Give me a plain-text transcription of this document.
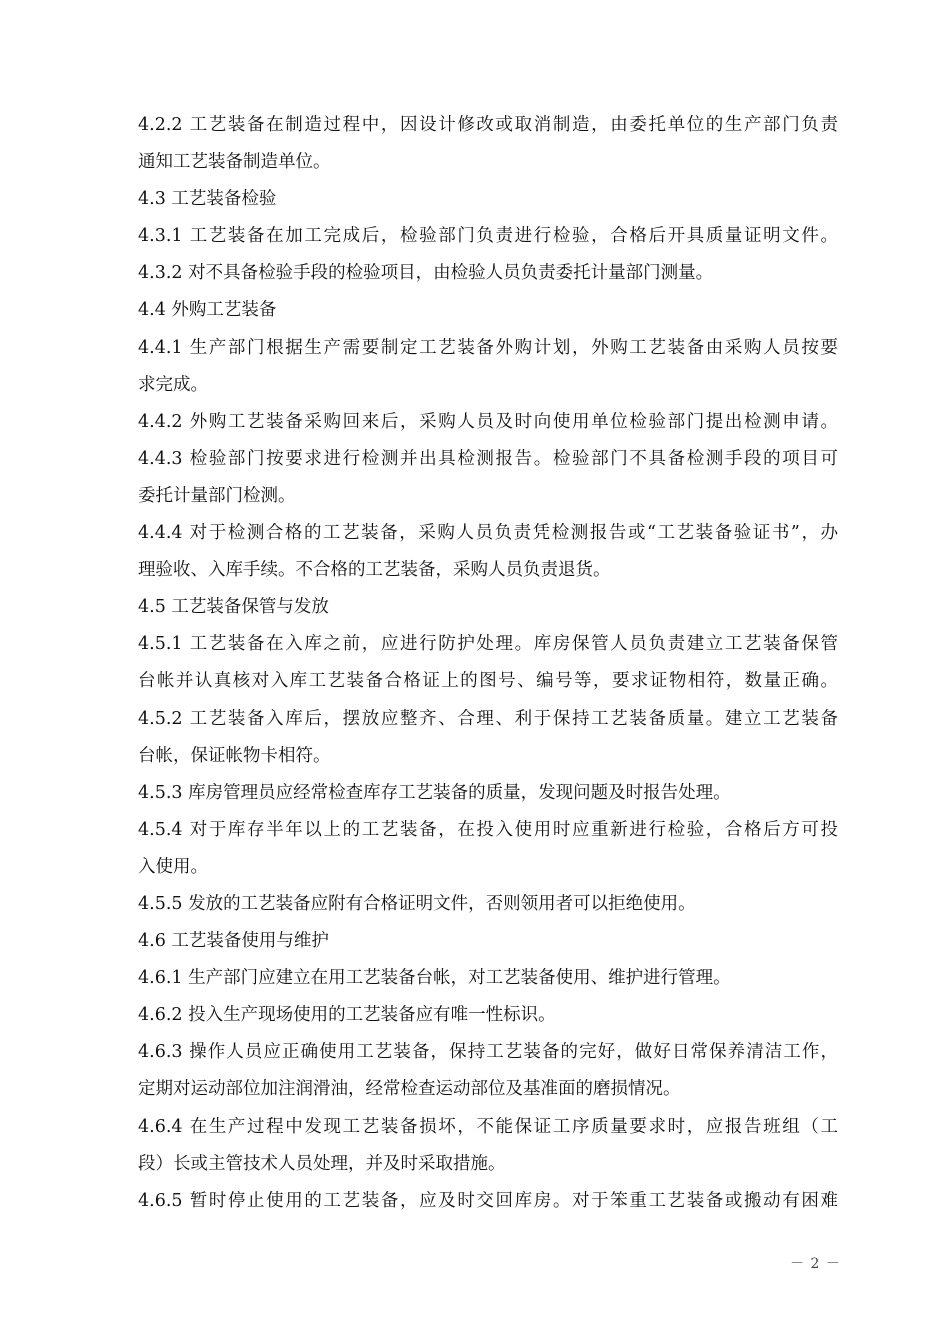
4.2.2 工艺装备在制造过程中，因设计修改或取消制造，由委托单位的生产部门负责
通知工艺装备制造单位。
4.3 工艺装备检验
4.3.1 工艺装备在加工完成后，检验部门负责进行检验，合格后开具质量证明文件。
4.3.2 对不具备检验手段的检验项目，由检验人员负责委托计量部门测量。
4.4 外购工艺装备
4.4.1 生产部门根据生产需要制定工艺装备外购计划，外购工艺装备由采购人员按要
求完成。
4.4.2 外购工艺装备采购回来后，采购人员及时向使用单位检验部门提出检测申请。
4.4.3 检验部门按要求进行检测并出具检测报告。检验部门不具备检测手段的项目可
委托计量部门检测。
4.4.4 对于检测合格的工艺装备，采购人员负责凭检测报告或“工艺装备验证书”，办
理验收、入库手续。不合格的工艺装备，采购人员负责退货。
4.5 工艺装备保管与发放
4.5.1 工艺装备在入库之前，应进行防护处理。库房保管人员负责建立工艺装备保管
台帐并认真核对入库工艺装备合格证上的图号、编号等，要求证物相符，数量正确。
4.5.2 工艺装备入库后，摆放应整齐、合理、利于保持工艺装备质量。建立工艺装备
台帐，保证帐物卡相符。
4.5.3 库房管理员应经常检查库存工艺装备的质量，发现问题及时报告处理。
4.5.4 对于库存半年以上的工艺装备，在投入使用时应重新进行检验，合格后方可投
入使用。
4.5.5 发放的工艺装备应附有合格证明文件，否则领用者可以拒绝使用。
4.6 工艺装备使用与维护
4.6.1 生产部门应建立在用工艺装备台帐，对工艺装备使用、维护进行管理。
4.6.2 投入生产现场使用的工艺装备应有唯一性标识。
4.6.3 操作人员应正确使用工艺装备，保持工艺装备的完好，做好日常保养清洁工作，
定期对运动部位加注润滑油，经常检查运动部位及基准面的磨损情况。
4.6.4 在生产过程中发现工艺装备损坏，不能保证工序质量要求时，应报告班组（工
段）长或主管技术人员处理，并及时采取措施。
4.6.5 暂时停止使用的工艺装备，应及时交回库房。对于笨重工艺装备或搬动有困难
－ 2 －
